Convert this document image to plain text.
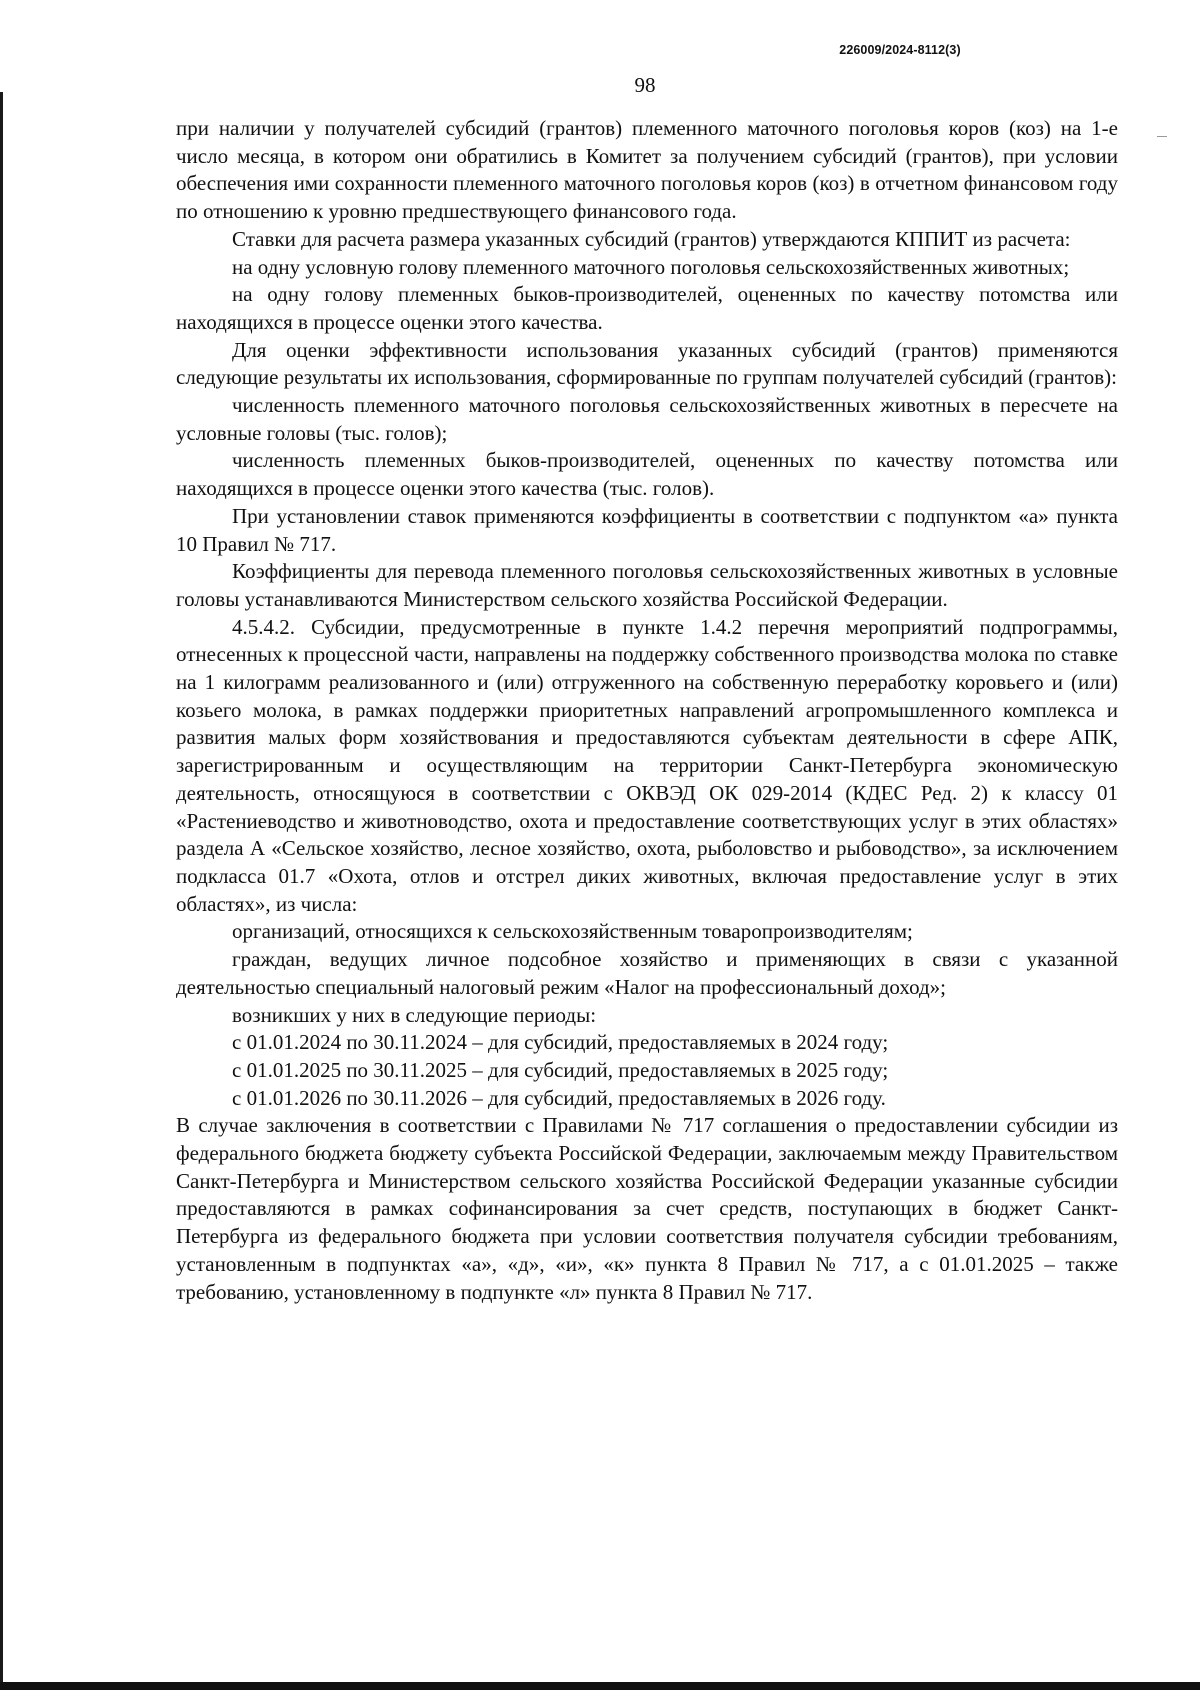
226009/2024-8112(3)
98

при наличии у получателей субсидий (грантов) племенного маточного поголовья коров (коз) на 1-е число месяца, в котором они обратились в Комитет за получением субсидий (грантов), при условии обеспечения ими сохранности племенного маточного поголовья коров (коз) в отчетном финансовом году по отношению к уровню предшествующего финансового года.

Ставки для расчета размера указанных субсидий (грантов) утверждаются КППИТ из расчета:

на одну условную голову племенного маточного поголовья сельскохозяйственных животных;

на одну голову племенных быков-производителей, оцененных по качеству потомства или находящихся в процессе оценки этого качества.

Для оценки эффективности использования указанных субсидий (грантов) применяются следующие результаты их использования, сформированные по группам получателей субсидий (грантов):

численность племенного маточного поголовья сельскохозяйственных животных в пересчете на условные головы (тыс. голов);

численность племенных быков-производителей, оцененных по качеству потомства или находящихся в процессе оценки этого качества (тыс. голов).

При установлении ставок применяются коэффициенты в соответствии с подпунктом «а» пункта 10 Правил № 717.

Коэффициенты для перевода племенного поголовья сельскохозяйственных животных в условные головы устанавливаются Министерством сельского хозяйства Российской Федерации.

4.5.4.2. Субсидии, предусмотренные в пункте 1.4.2 перечня мероприятий подпрограммы, отнесенных к процессной части, направлены на поддержку собственного производства молока по ставке на 1 килограмм реализованного и (или) отгруженного на собственную переработку коровьего и (или) козьего молока, в рамках поддержки приоритетных направлений агропромышленного комплекса и развития малых форм хозяйствования и предоставляются субъектам деятельности в сфере АПК, зарегистрированным и осуществляющим на территории Санкт-Петербурга экономическую деятельность, относящуюся в соответствии с ОКВЭД ОК 029-2014 (КДЕС Ред. 2) к классу 01 «Растениеводство и животноводство, охота и предоставление соответствующих услуг в этих областях» раздела А «Сельское хозяйство, лесное хозяйство, охота, рыболовство и рыбоводство», за исключением подкласса 01.7 «Охота, отлов и отстрел диких животных, включая предоставление услуг в этих областях», из числа:

организаций, относящихся к сельскохозяйственным товаропроизводителям;

граждан, ведущих личное подсобное хозяйство и применяющих в связи с указанной деятельностью специальный налоговый режим «Налог на профессиональный доход»;

возникших у них в следующие периоды:

с 01.01.2024 по 30.11.2024 – для субсидий, предоставляемых в 2024 году;

с 01.01.2025 по 30.11.2025 – для субсидий, предоставляемых в 2025 году;

с 01.01.2026 по 30.11.2026 – для субсидий, предоставляемых в 2026 году.

В случае заключения в соответствии с Правилами № 717 соглашения о предоставлении субсидии из федерального бюджета бюджету субъекта Российской Федерации, заключаемым между Правительством Санкт-Петербурга и Министерством сельского хозяйства Российской Федерации указанные субсидии предоставляются в рамках софинансирования за счет средств, поступающих в бюджет Санкт-Петербурга из федерального бюджета при условии соответствия получателя субсидии требованиям, установленным в подпунктах «а», «д», «и», «к» пункта 8 Правил № 717, а с 01.01.2025 – также требованию, установленному в подпункте «л» пункта 8 Правил № 717.
